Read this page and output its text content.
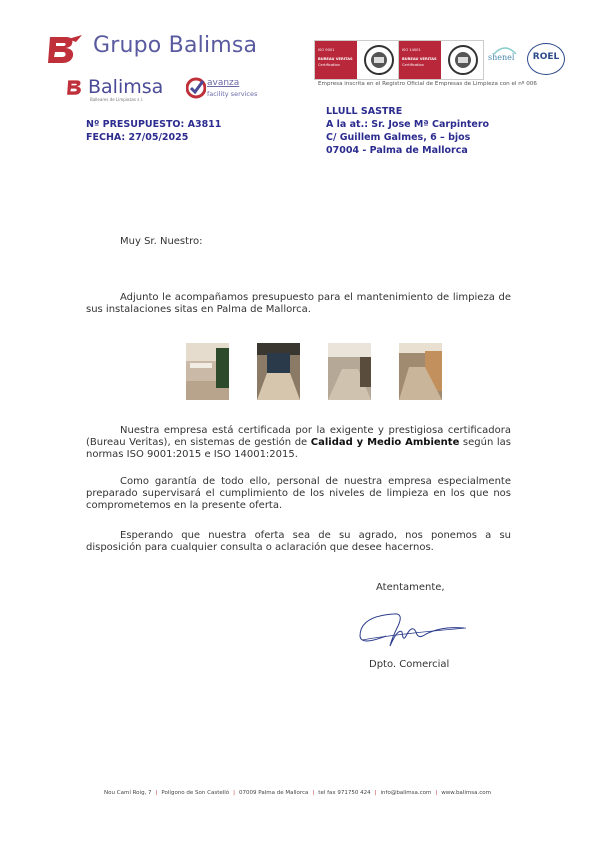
Grupo Balimsa
Balimsa
Balleares de Limpiezas s.l.
avanza
facility services
ISO 9001
BUREAU VERITAS
Certification
ISO 14001
BUREAU VERITAS
Certification
shenel	ROEL
Empresa inscrita en el Registro Oficial de Empresas de Limpieza con el nº 006
Nº PRESUPUESTO: A3811
FECHA: 27/05/2025
LLULL SASTRE
A la at.: Sr. Jose Mª Carpintero
C/ Guillem Galmes, 6 – bjos
07004 - Palma de Mallorca
Muy Sr. Nuestro:

Adjunto le acompañamos presupuesto para el mantenimiento de limpieza de sus instalaciones sitas en Palma de Mallorca.

Nuestra empresa está certificada por la exigente y prestigiosa certificadora (Bureau Veritas), en sistemas de gestión de Calidad y Medio Ambiente según las normas ISO 9001:2015 e ISO 14001:2015.

Como garantía de todo ello, personal de nuestra empresa especialmente preparado supervisará el cumplimiento de los niveles de limpieza en los que nos comprometemos en la presente oferta.

Esperando que nuestra oferta sea de su agrado, nos ponemos a su disposición para cualquier consulta o aclaración que desee hacernos.

Atentamente,
Dpto. Comercial
Nou Camí Roig, 7 | Polígono de Son Castelló | 07009 Palma de Mallorca | tel fax 971750 424 | info@balimsa.com | www.balimsa.com
